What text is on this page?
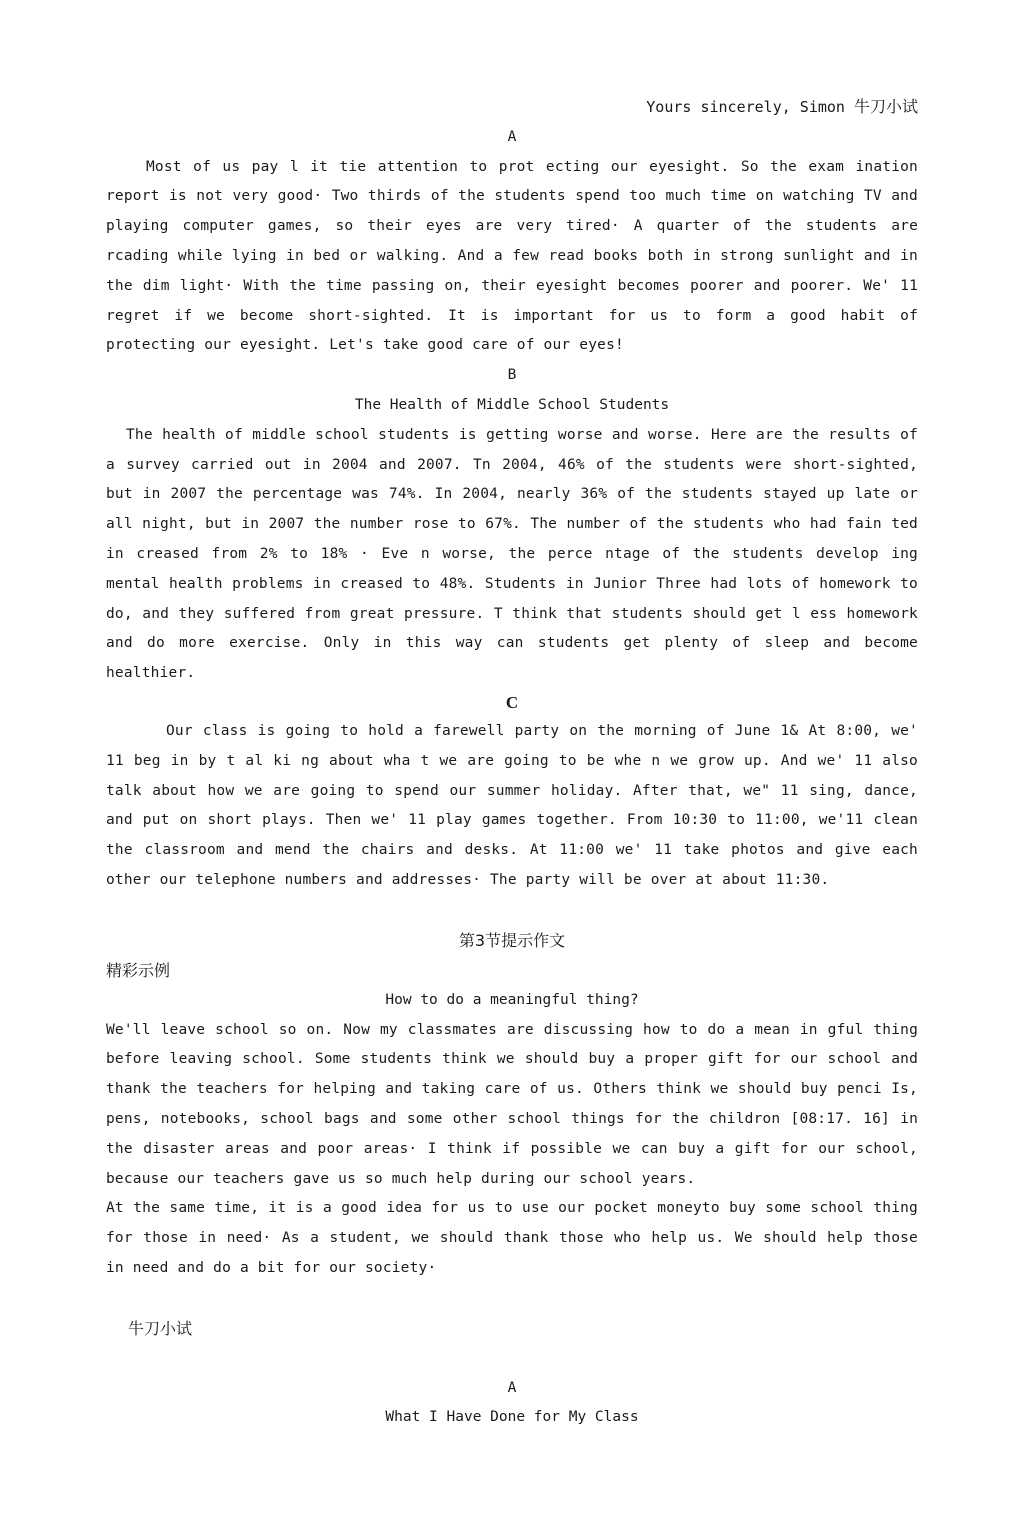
Yours sincerely, Simon 牛刀小试

A

Most of us pay l it tie attention to prot ecting our eyesight. So the exam ination report is not very good· Two thirds of the students spend too much time on watching TV and playing computer games, so their eyes are very tired· A quarter of the students are rcading while lying in bed or walking. And a few read books both in strong sunlight and in the dim light· With the time passing on, their eyesight becomes poorer and poorer. We' 11 regret if we become short-sighted. It is important for us to form a good habit of protecting our eyesight. Let's take good care of our eyes!

B

The Health of Middle School Students

The health of middle school students is getting worse and worse. Here are the results of a survey carried out in 2004 and 2007. Tn 2004, 46% of the students were short-sighted, but in 2007 the percentage was 74%. In 2004, nearly 36% of the students stayed up late or all night, but in 2007 the number rose to 67%. The number of the students who had fain ted in creased from 2% to 18% · Eve n worse, the perce ntage of the students develop ing mental health problems in creased to 48%. Students in Junior Three had lots of homework to do, and they suffered from great pressure. T think that students should get l ess homework and do more exercise. Only in this way can students get plenty of sleep and become healthier.

C

Our class is going to hold a farewell party on the morning of June 1& At 8:00, we' 11 beg in by t al ki ng about wha t we are going to be whe n we grow up. And we' 11 also talk about how we are going to spend our summer holiday. After that, we" 11 sing, dance, and put on short plays. Then we' 11 play games together. From 10:30 to 11:00, we'11 clean the classroom and mend the chairs and desks. At 11:00 we' 11 take photos and give each other our telephone numbers and addresses· The party will be over at about 11:30.

第3节提示作文

精彩示例

How to do a meaningful thing?

We'll leave school so on. Now my classmates are discussing how to do a mean in gful thing before leaving school. Some students think we should buy a proper gift for our school and thank the teachers for helping and taking care of us. Others think we should buy penci Is, pens, notebooks, school bags and some other school things for the childron [08:17. 16] in the disaster areas and poor areas· I think if possible we can buy a gift for our school, because our teachers gave us so much help during our school years.

At the same time, it is a good idea for us to use our pocket moneyto buy some school thing for those in need· As a student, we should thank those who help us. We should help those in need and do a bit for our society·

牛刀小试

A

What I Have Done for My Class
